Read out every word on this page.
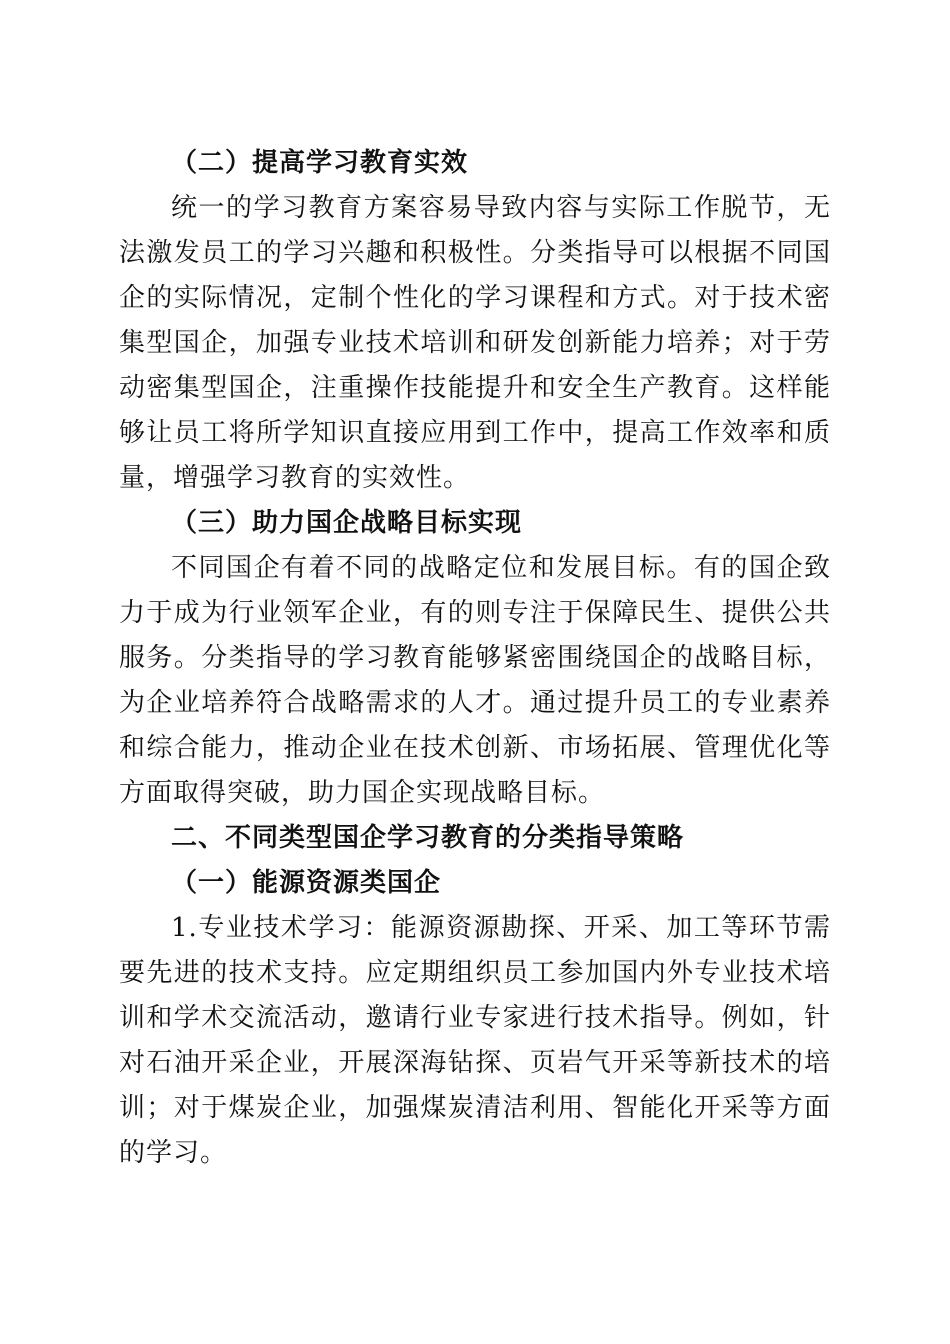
（二）提高学习教育实效

统一的学习教育方案容易导致内容与实际工作脱节，无法激发员工的学习兴趣和积极性。分类指导可以根据不同国企的实际情况，定制个性化的学习课程和方式。对于技术密集型国企，加强专业技术培训和研发创新能力培养；对于劳动密集型国企，注重操作技能提升和安全生产教育。这样能够让员工将所学知识直接应用到工作中，提高工作效率和质量，增强学习教育的实效性。

（三）助力国企战略目标实现

不同国企有着不同的战略定位和发展目标。有的国企致力于成为行业领军企业，有的则专注于保障民生、提供公共服务。分类指导的学习教育能够紧密围绕国企的战略目标，为企业培养符合战略需求的人才。通过提升员工的专业素养和综合能力，推动企业在技术创新、市场拓展、管理优化等方面取得突破，助力国企实现战略目标。

二、不同类型国企学习教育的分类指导策略

（一）能源资源类国企

1.专业技术学习：能源资源勘探、开采、加工等环节需要先进的技术支持。应定期组织员工参加国内外专业技术培训和学术交流活动，邀请行业专家进行技术指导。例如，针对石油开采企业，开展深海钻探、页岩气开采等新技术的培训；对于煤炭企业，加强煤炭清洁利用、智能化开采等方面的学习。
